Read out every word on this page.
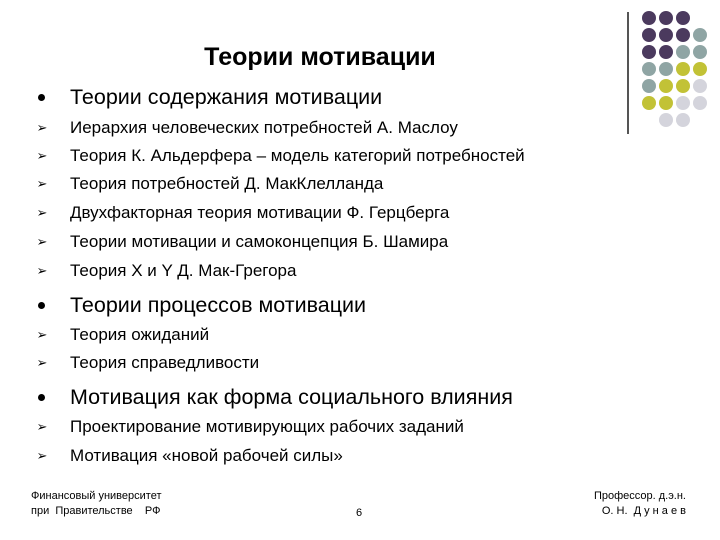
Теории мотивации
Теории содержания мотивации
➢	Иерархия человеческих потребностей А. Маслоу
➢	Теория К. Альдерфера – модель категорий потребностей
➢	Теория потребностей Д. МакКлелланда
➢	Двухфакторная теория мотивации Ф. Герцберга
➢	Теории мотивации и самоконцепция Б. Шамира
➢	Теория X и Y Д. Мак-Грегора
Теории процессов мотивации
➢	Теория ожиданий
➢	Теория справедливости
Мотивация как форма социального влияния
➢	Проектирование мотивирующих рабочих заданий
➢	Мотивация «новой рабочей силы»
Финансовый университет
при  Правительстве    РФ	6
Профессор. д.э.н.
О. Н.  Д у н а е в
